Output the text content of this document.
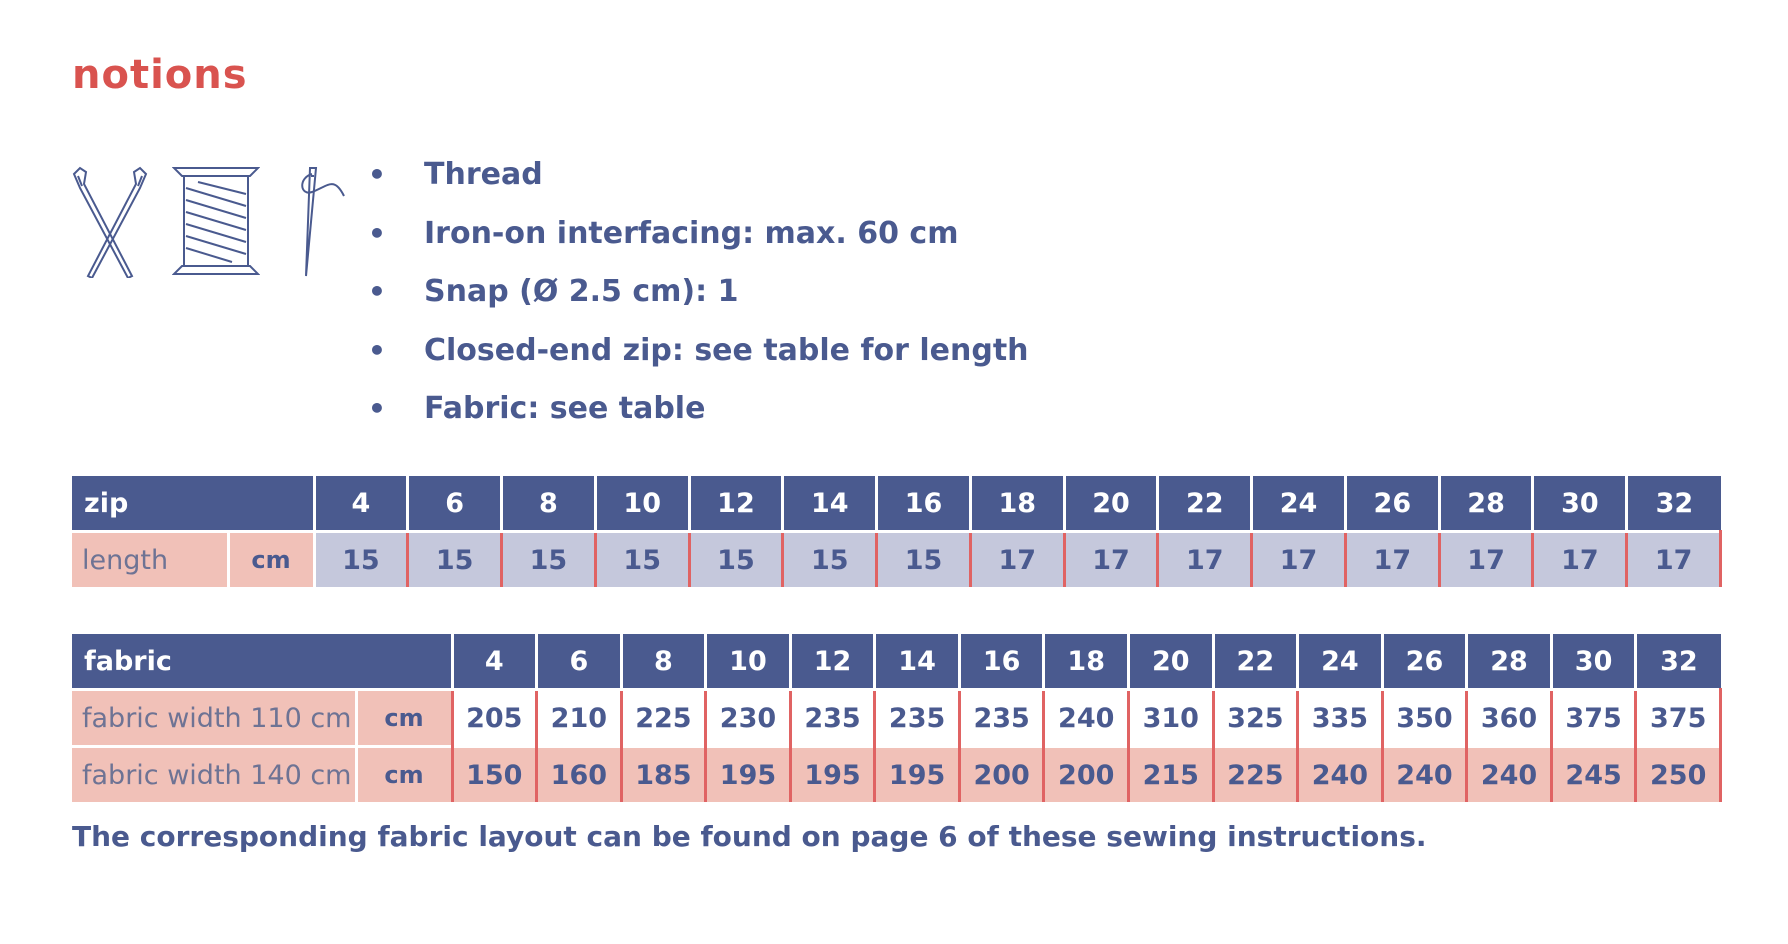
notions
• Thread
• Iron-on interfacing: max. 60 cm
• Snap (Ø 2.5 cm): 1
• Closed-end zip: see table for length
• Fabric: see table
zip		4	6	8	10	12	14	16	18	20	22	24	26	28	30	32
length	cm	15	15	15	15	15	15	15	17	17	17	17	17	17	17	17
fabric		4	6	8	10	12	14	16	18	20	22	24	26	28	30	32
fabric width 110 cm	cm	205	210	225	230	235	235	235	240	310	325	335	350	360	375	375
fabric width 140 cm	cm	150	160	185	195	195	195	200	200	215	225	240	240	240	245	250
The corresponding fabric layout can be found on page 6 of these sewing instructions.
